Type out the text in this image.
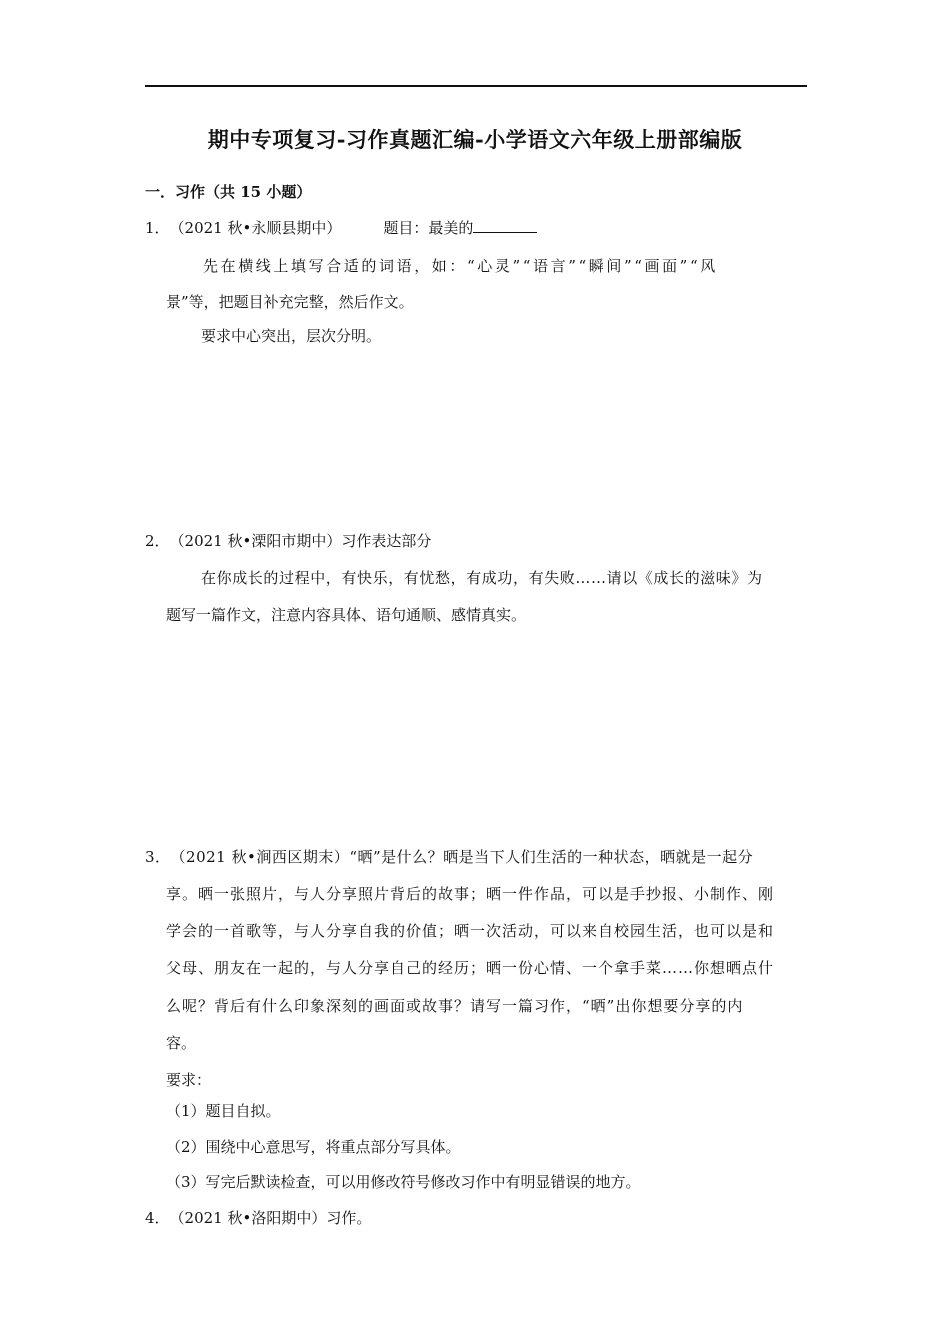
期中专项复习-习作真题汇编-小学语文六年级上册部编版
一．习作（共 15 小题）
1．（2021 秋•永顺县期中）	题目：最美的
先在横线上填写合适的词语，如：“心灵”“语言”“瞬间”“画面”“风
景”等，把题目补充完整，然后作文。
要求中心突出，层次分明。
2．（2021 秋•溧阳市期中）习作表达部分
在你成长的过程中，有快乐，有忧愁，有成功，有失败……请以《成长的滋味》为
题写一篇作文，注意内容具体、语句通顺、感情真实。
3．（2021 秋•涧西区期末）“晒”是什么？晒是当下人们生活的一种状态，晒就是一起分
享。晒一张照片，与人分享照片背后的故事；晒一件作品，可以是手抄报、小制作、刚
学会的一首歌等，与人分享自我的价值；晒一次活动，可以来自校园生活，也可以是和
父母、朋友在一起的，与人分享自己的经历；晒一份心情、一个拿手菜……你想晒点什
么呢？背后有什么印象深刻的画面或故事？请写一篇习作，“晒”出你想要分享的内
容。
要求：
（1）题目自拟。
（2）围绕中心意思写，将重点部分写具体。
（3）写完后默读检查，可以用修改符号修改习作中有明显错误的地方。
4．（2021 秋•洛阳期中）习作。
